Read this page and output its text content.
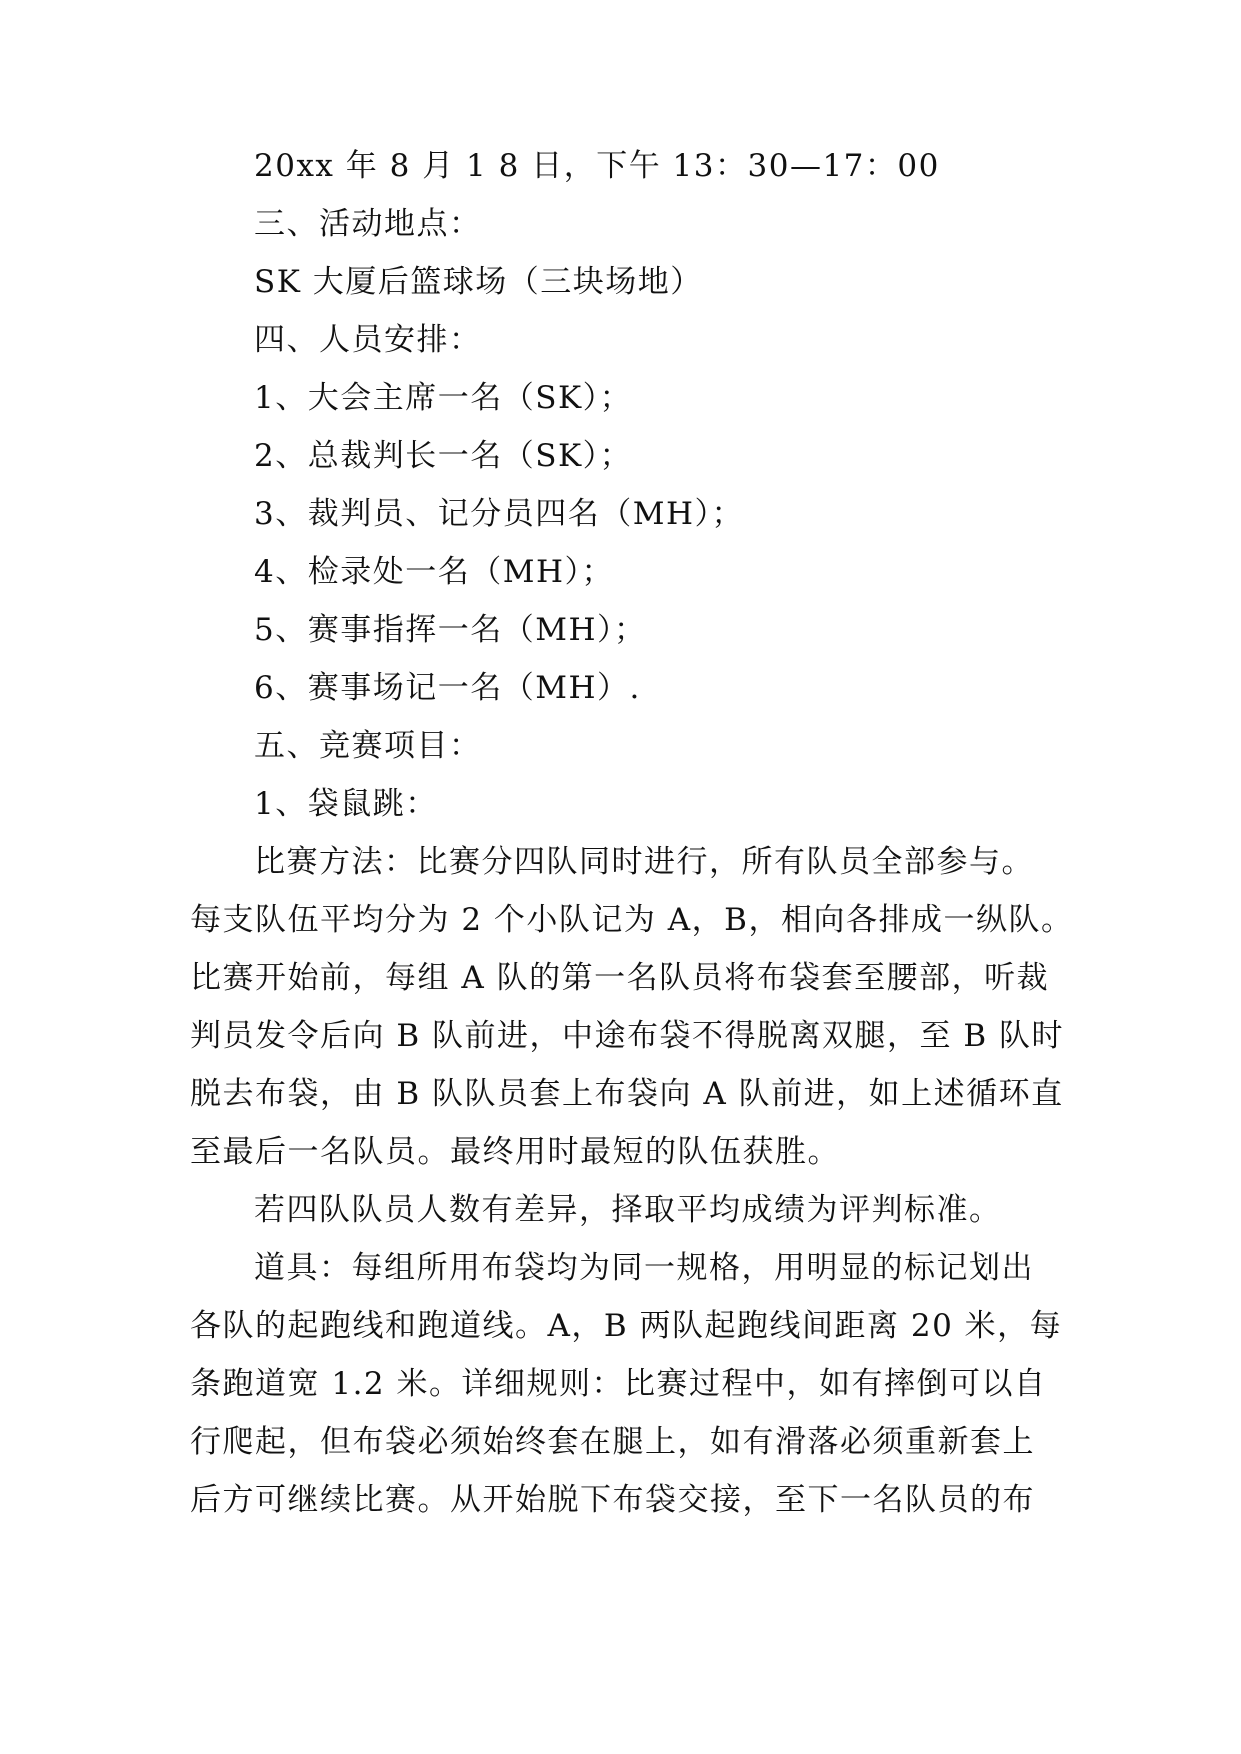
20xx 年 8 月 1 8 日，下午 13：30—17：00
三、活动地点：
SK 大厦后篮球场（三块场地）
四、人员安排：
1、大会主席一名（SK）；
2、总裁判长一名（SK）；
3、裁判员、记分员四名（MH）；
4、检录处一名（MH）；
5、赛事指挥一名（MH）；
6、赛事场记一名（MH）.
五、竞赛项目：
1、袋鼠跳：
比赛方法：比赛分四队同时进行，所有队员全部参与。
每支队伍平均分为 2 个小队记为 A，B，相向各排成一纵队。
比赛开始前，每组 A 队的第一名队员将布袋套至腰部，听裁
判员发令后向 B 队前进，中途布袋不得脱离双腿，至 B 队时
脱去布袋，由 B 队队员套上布袋向 A 队前进，如上述循环直
至最后一名队员。最终用时最短的队伍获胜。
若四队队员人数有差异，择取平均成绩为评判标准。
道具：每组所用布袋均为同一规格，用明显的标记划出
各队的起跑线和跑道线。A，B 两队起跑线间距离 20 米，每
条跑道宽 1.2 米。详细规则：比赛过程中，如有摔倒可以自
行爬起，但布袋必须始终套在腿上，如有滑落必须重新套上
后方可继续比赛。从开始脱下布袋交接，至下一名队员的布
